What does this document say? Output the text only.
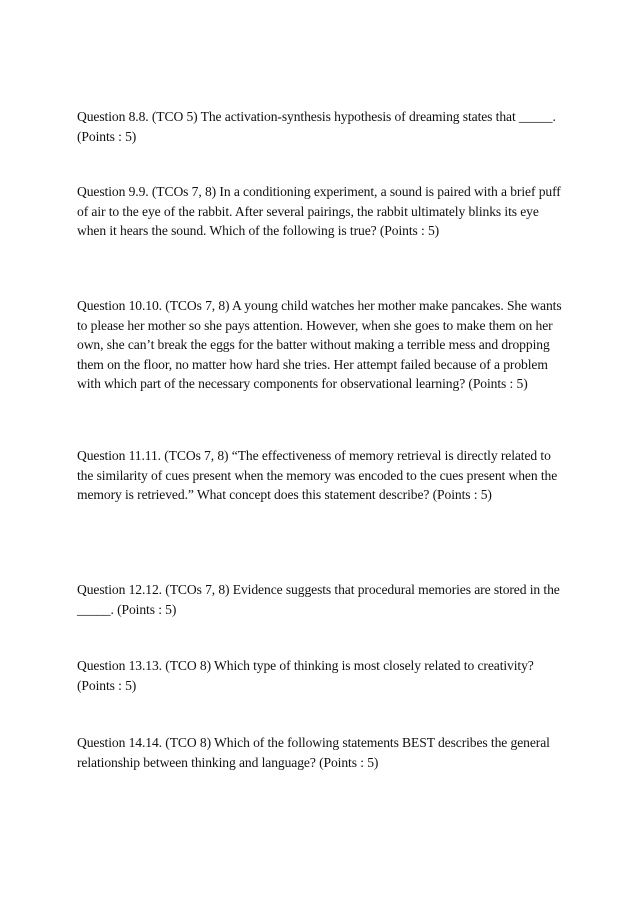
Question 8.8. (TCO 5) The activation-synthesis hypothesis of dreaming states that _____. (Points : 5)

Question 9.9. (TCOs 7, 8) In a conditioning experiment, a sound is paired with a brief puff of air to the eye of the rabbit. After several pairings, the rabbit ultimately blinks its eye when it hears the sound. Which of the following is true? (Points : 5)

Question 10.10. (TCOs 7, 8) A young child watches her mother make pancakes. She wants to please her mother so she pays attention. However, when she goes to make them on her own, she can’t break the eggs for the batter without making a terrible mess and dropping them on the floor, no matter how hard she tries. Her attempt failed because of a problem with which part of the necessary components for observational learning? (Points : 5)

Question 11.11. (TCOs 7, 8) “The effectiveness of memory retrieval is directly related to the similarity of cues present when the memory was encoded to the cues present when the memory is retrieved.” What concept does this statement describe? (Points : 5)

Question 12.12. (TCOs 7, 8) Evidence suggests that procedural memories are stored in the _____. (Points : 5)

Question 13.13. (TCO 8) Which type of thinking is most closely related to creativity? (Points : 5)

Question 14.14. (TCO 8) Which of the following statements BEST describes the general relationship between thinking and language? (Points : 5)
